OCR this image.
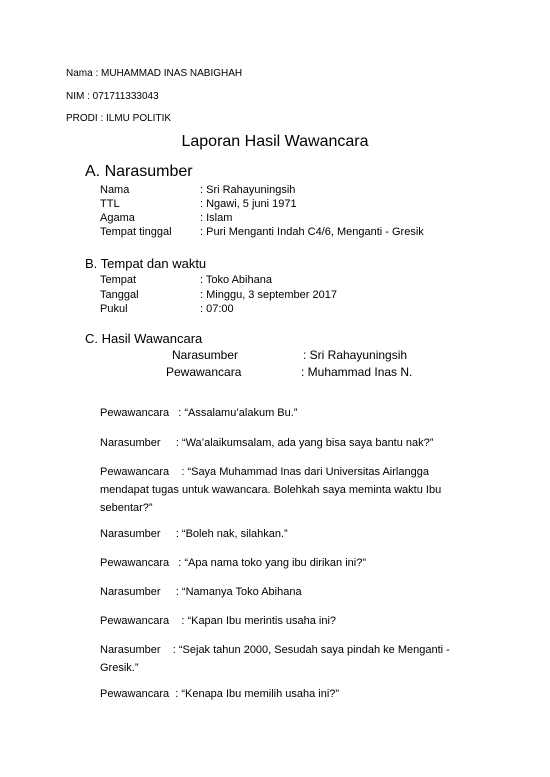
Nama : MUHAMMAD INAS NABIGHAH
NIM : 071711333043
PRODI : ILMU POLITIK
Laporan Hasil Wawancara
A. Narasumber
Nama	: Sri Rahayuningsih
TTL	: Ngawi, 5 juni 1971
Agama	: Islam
Tempat tinggal	: Puri Menganti Indah C4/6, Menganti - Gresik
B. Tempat dan waktu
Tempat	: Toko Abihana
Tanggal	: Minggu, 3 september 2017
Pukul	: 07:00
C. Hasil Wawancara
Narasumber	: Sri Rahayuningsih
Pewawancara	: Muhammad Inas N.
Pewawancara : “Assalamu’alakum Bu.”
Narasumber : “Wa’alaikumsalam, ada yang bisa saya bantu nak?”
Pewawancara : “Saya Muhammad Inas dari Universitas Airlangga mendapat tugas untuk wawancara. Bolehkah saya meminta waktu Ibu sebentar?”
Narasumber : “Boleh nak, silahkan.”
Pewawancara : “Apa nama toko yang ibu dirikan ini?”
Narasumber : “Namanya Toko Abihana
Pewawancara : “Kapan Ibu merintis usaha ini?
Narasumber : “Sejak tahun 2000, Sesudah saya pindah ke Menganti - Gresik.”
Pewawancara : “Kenapa Ibu memilih usaha ini?”
